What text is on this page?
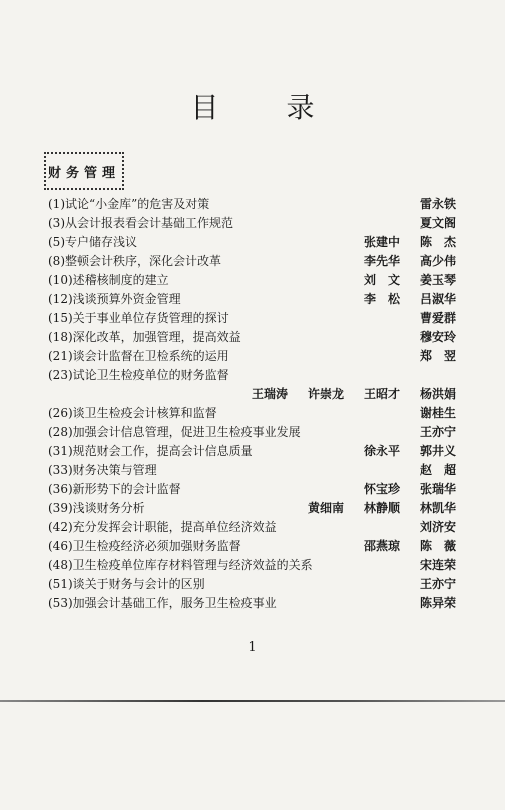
目录
财务管理
(1)试论“小金库”的危害及对策	雷永铁
(3)从会计报表看会计基础工作规范	夏文阁
(5)专户储存浅议	张建中	陈　杰
(8)整顿会计秩序，深化会计改革	李先华	高少伟
(10)述稽核制度的建立	刘　文	姜玉琴
(12)浅谈预算外资金管理	李　松	吕淑华
(15)关于事业单位存货管理的探讨	曹爱群
(18)深化改革，加强管理，提高效益	穆安玲
(21)谈会计监督在卫检系统的运用	郑　翌
(23)试论卫生检疫单位的财务监督
王瑞涛	许崇龙	王昭才	杨洪娟
(26)谈卫生检疫会计核算和监督	谢桂生
(28)加强会计信息管理，促进卫生检疫事业发展	王亦宁
(31)规范财会工作，提高会计信息质量	徐永平	郭井义
(33)财务决策与管理	赵　超
(36)新形势下的会计监督	怀宝珍	张瑞华
(39)浅谈财务分析	黄细南	林静顺	林凯华
(42)充分发挥会计职能，提高单位经济效益	刘济安
(46)卫生检疫经济必须加强财务监督	邵燕琼	陈　薇
(48)卫生检疫单位库存材料管理与经济效益的关系	宋连荣
(51)谈关于财务与会计的区别	王亦宁
(53)加强会计基础工作，服务卫生检疫事业	陈异荣
1
